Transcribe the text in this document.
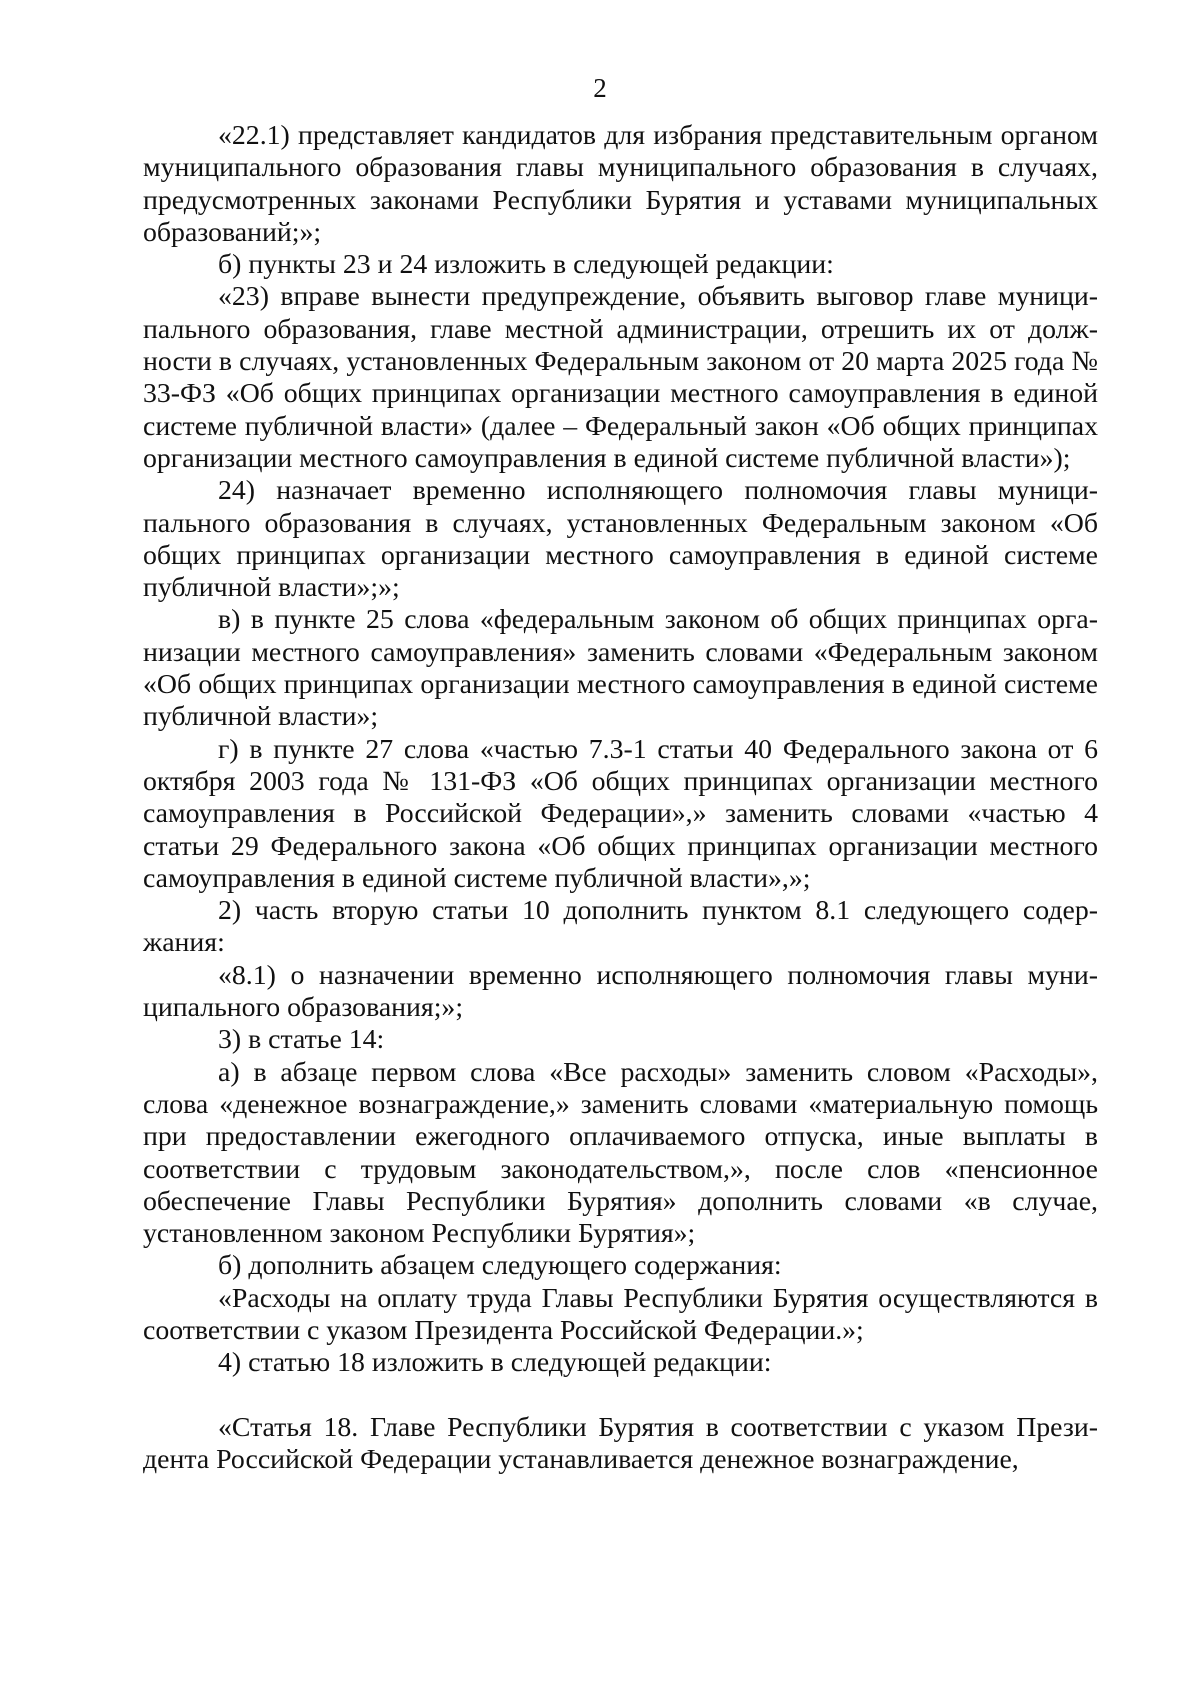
2

«22.1) представляет кандидатов для избрания представительным органом муниципального образования главы муниципального образования в случаях, предусмотренных законами Республики Бурятия и уставами муниципальных образований;»;

б) пункты 23 и 24 изложить в следующей редакции:

«23) вправе вынести предупреждение, объявить выговор главе муниципального образования, главе местной администрации, отрешить их от должности в случаях, установленных Федеральным законом от 20 марта 2025 года № 33-ФЗ «Об общих принципах организации местного самоуправления в единой системе публичной власти» (далее – Федеральный закон «Об общих принципах организации местного самоуправления в единой системе публичной власти»);

24) назначает временно исполняющего полномочия главы муниципального образования в случаях, установленных Федеральным законом «Об общих принципах организации местного самоуправления в единой системе публичной власти»;»;

в) в пункте 25 слова «федеральным законом об общих принципах организации местного самоуправления» заменить словами «Федеральным законом «Об общих принципах организации местного самоуправления в единой системе публичной власти»;

г) в пункте 27 слова «частью 7.3-1 статьи 40 Федерального закона от 6 октября 2003 года № 131-ФЗ «Об общих принципах организации местного самоуправления в Российской Федерации»,» заменить словами «частью 4 статьи 29 Федерального закона «Об общих принципах организации местного самоуправления в единой системе публичной власти»,»;

2) часть вторую статьи 10 дополнить пунктом 8.1 следующего содержания:

«8.1) о назначении временно исполняющего полномочия главы муниципального образования;»;

3) в статье 14:

а) в абзаце первом слова «Все расходы» заменить словом «Расходы», слова «денежное вознаграждение,» заменить словами «материальную помощь при предоставлении ежегодного оплачиваемого отпуска, иные выплаты в соответствии с трудовым законодательством,», после слов «пенсионное обеспечение Главы Республики Бурятия» дополнить словами «в случае, установленном законом Республики Бурятия»;

б) дополнить абзацем следующего содержания:

«Расходы на оплату труда Главы Республики Бурятия осуществляются в соответствии с указом Президента Российской Федерации.»;

4) статью 18 изложить в следующей редакции:

«Статья 18. Главе Республики Бурятия в соответствии с указом Президента Российской Федерации устанавливается денежное вознаграждение,
